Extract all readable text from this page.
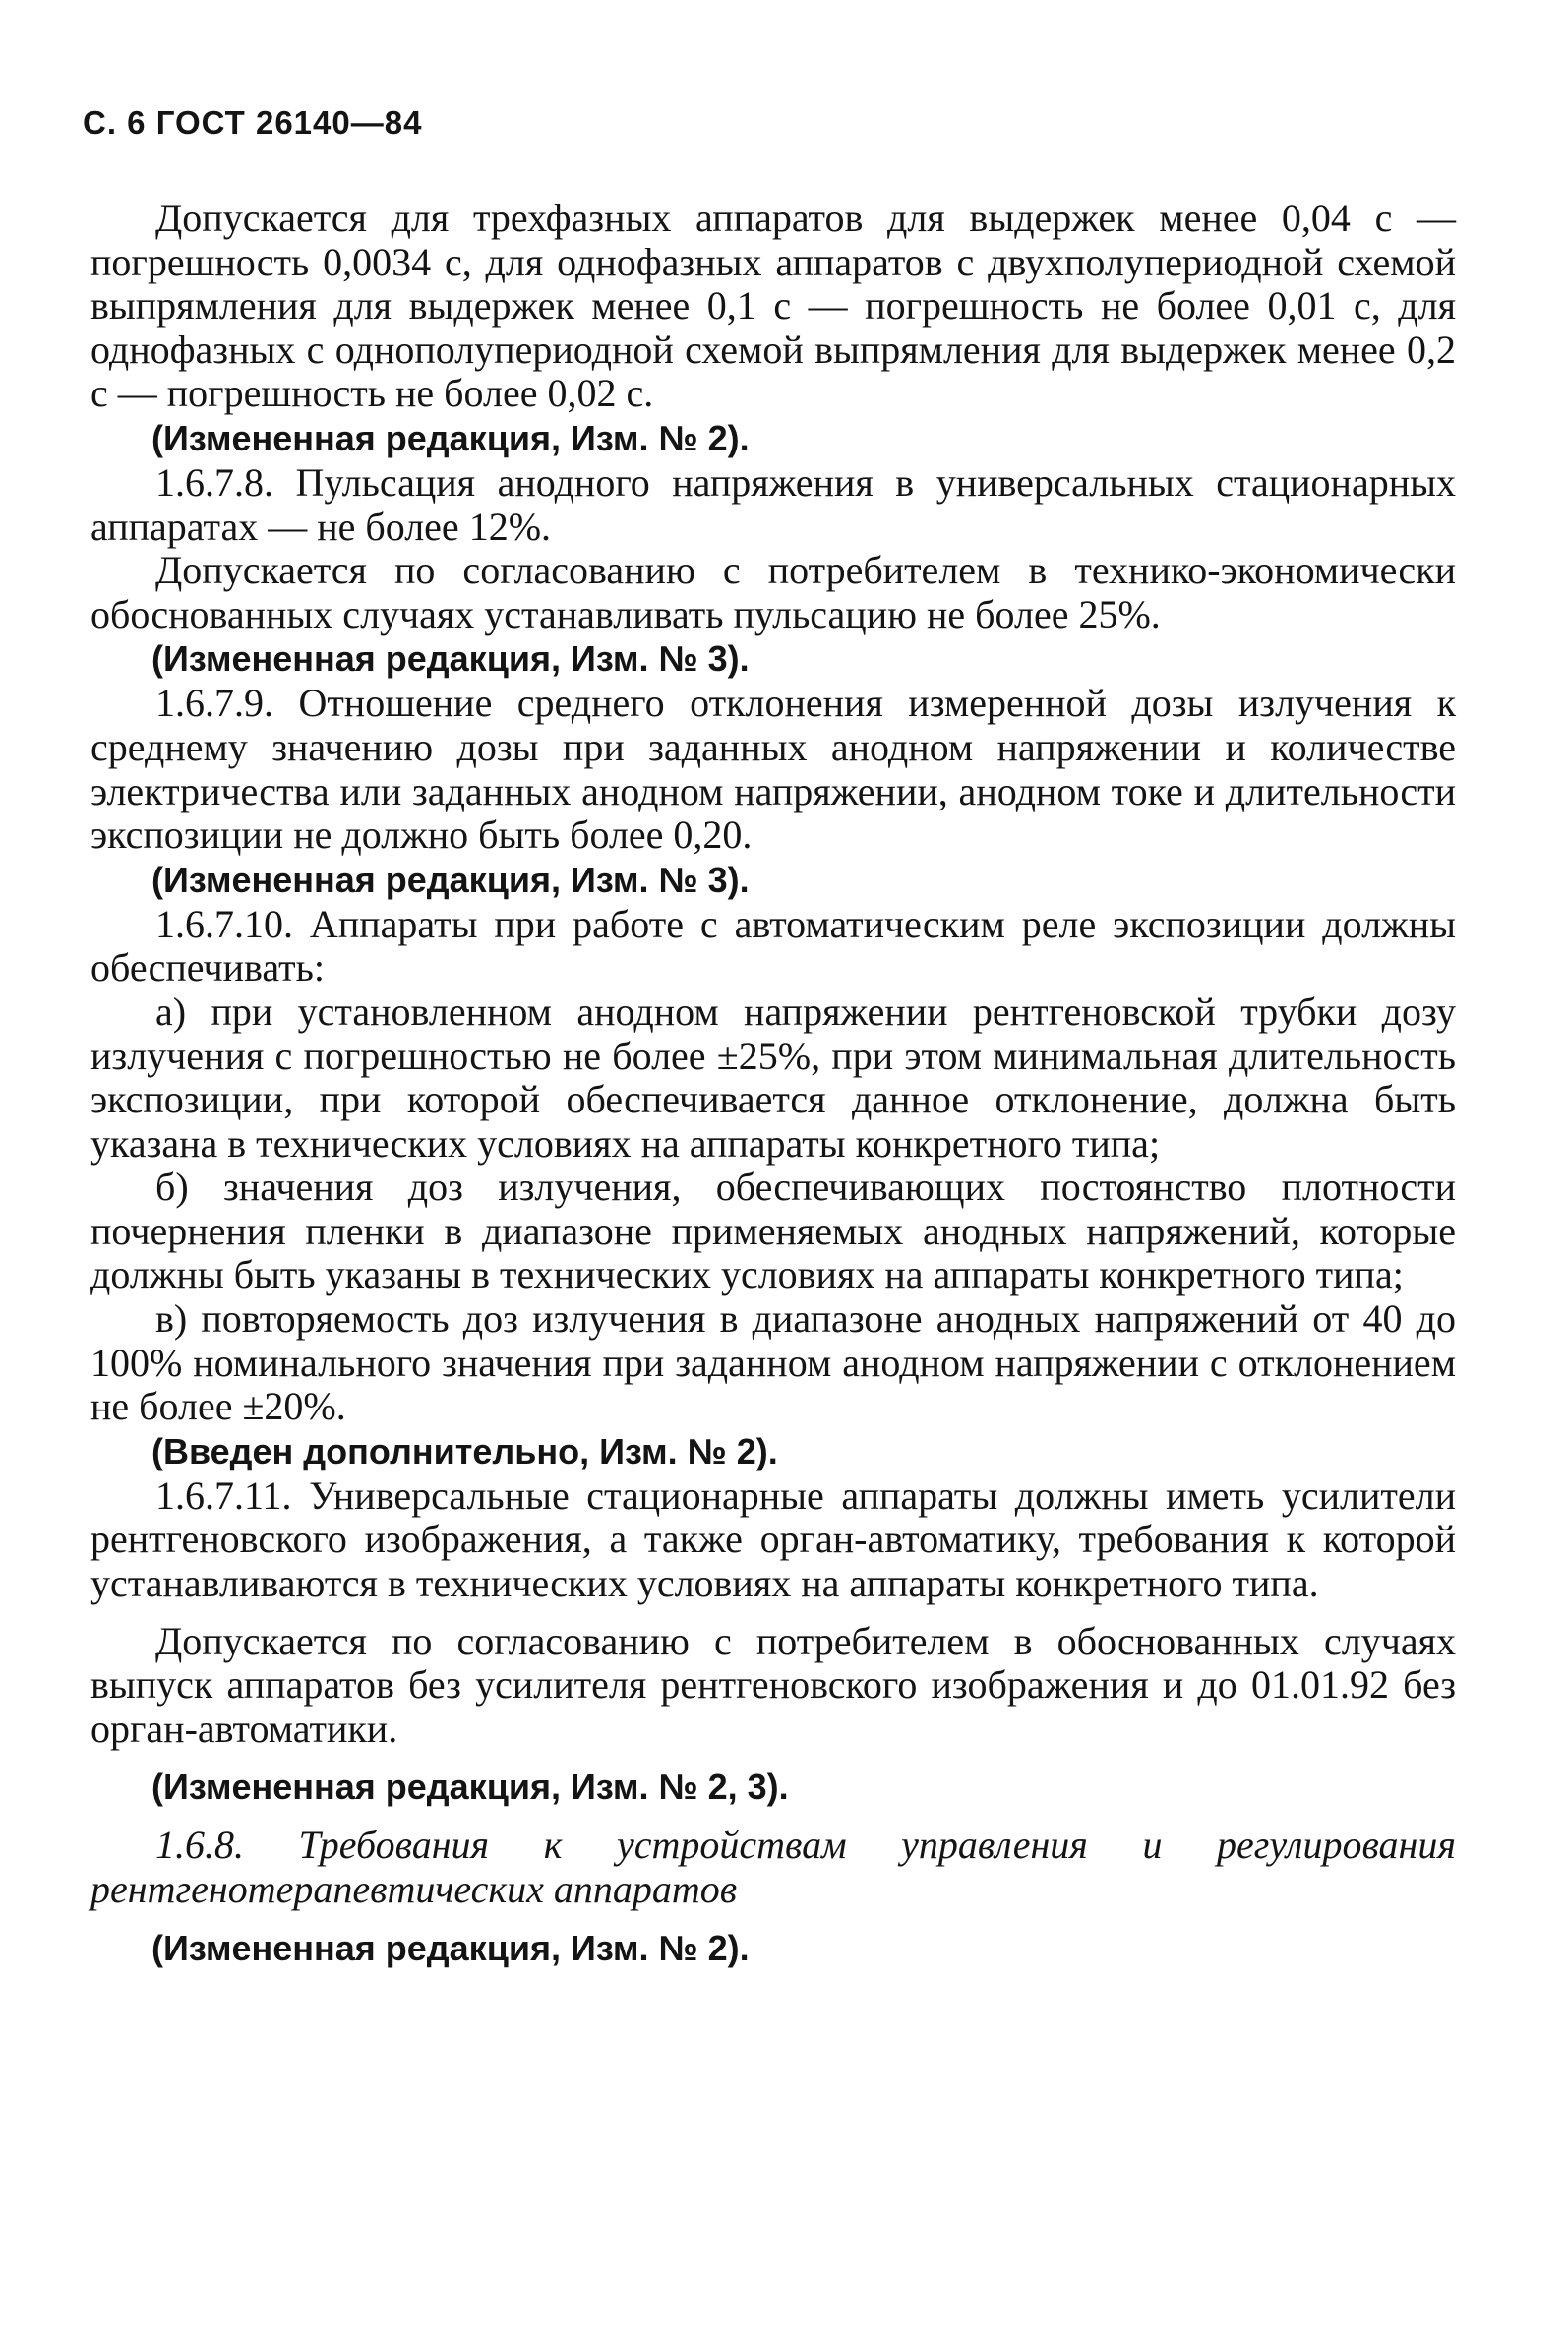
С. 6 ГОСТ 26140—84

Допускается для трехфазных аппаратов для выдержек менее 0,04 с — погрешность 0,0034 с, для однофазных аппаратов с двухполупериодной схемой выпрямления для выдержек менее 0,1 с — погрешность не более 0,01 с, для однофазных с однополупериодной схемой выпрямления для выдержек менее 0,2 с — погрешность не более 0,02 с.

(Измененная редакция, Изм. № 2).

1.6.7.8. Пульсация анодного напряжения в универсальных стационарных аппаратах — не более 12%.

Допускается по согласованию с потребителем в технико-экономически обоснованных случаях устанавливать пульсацию не более 25%.

(Измененная редакция, Изм. № 3).

1.6.7.9. Отношение среднего отклонения измеренной дозы излучения к среднему значению дозы при заданных анодном напряжении и количестве электричества или заданных анодном напряжении, анодном токе и длительности экспозиции не должно быть более 0,20.

(Измененная редакция, Изм. № 3).

1.6.7.10. Аппараты при работе с автоматическим реле экспозиции должны обеспечивать:

а) при установленном анодном напряжении рентгеновской трубки дозу излучения с погрешностью не более ±25%, при этом минимальная длительность экспозиции, при которой обеспечивается данное отклонение, должна быть указана в технических условиях на аппараты конкретного типа;

б) значения доз излучения, обеспечивающих постоянство плотности почернения пленки в диапазоне применяемых анодных напряжений, которые должны быть указаны в технических условиях на аппараты конкретного типа;

в) повторяемость доз излучения в диапазоне анодных напряжений от 40 до 100% номинального значения при заданном анодном напряжении с отклонением не более ±20%.

(Введен дополнительно, Изм. № 2).

1.6.7.11. Универсальные стационарные аппараты должны иметь усилители рентгеновского изображения, а также орган-автоматику, требования к которой устанавливаются в технических условиях на аппараты конкретного типа.

Допускается по согласованию с потребителем в обоснованных случаях выпуск аппаратов без усилителя рентгеновского изображения и до 01.01.92 без орган-автоматики.

(Измененная редакция, Изм. № 2, 3).

1.6.8. Требования к устройствам управления и регулирования рентгенотерапевтических аппаратов

(Измененная редакция, Изм. № 2).
